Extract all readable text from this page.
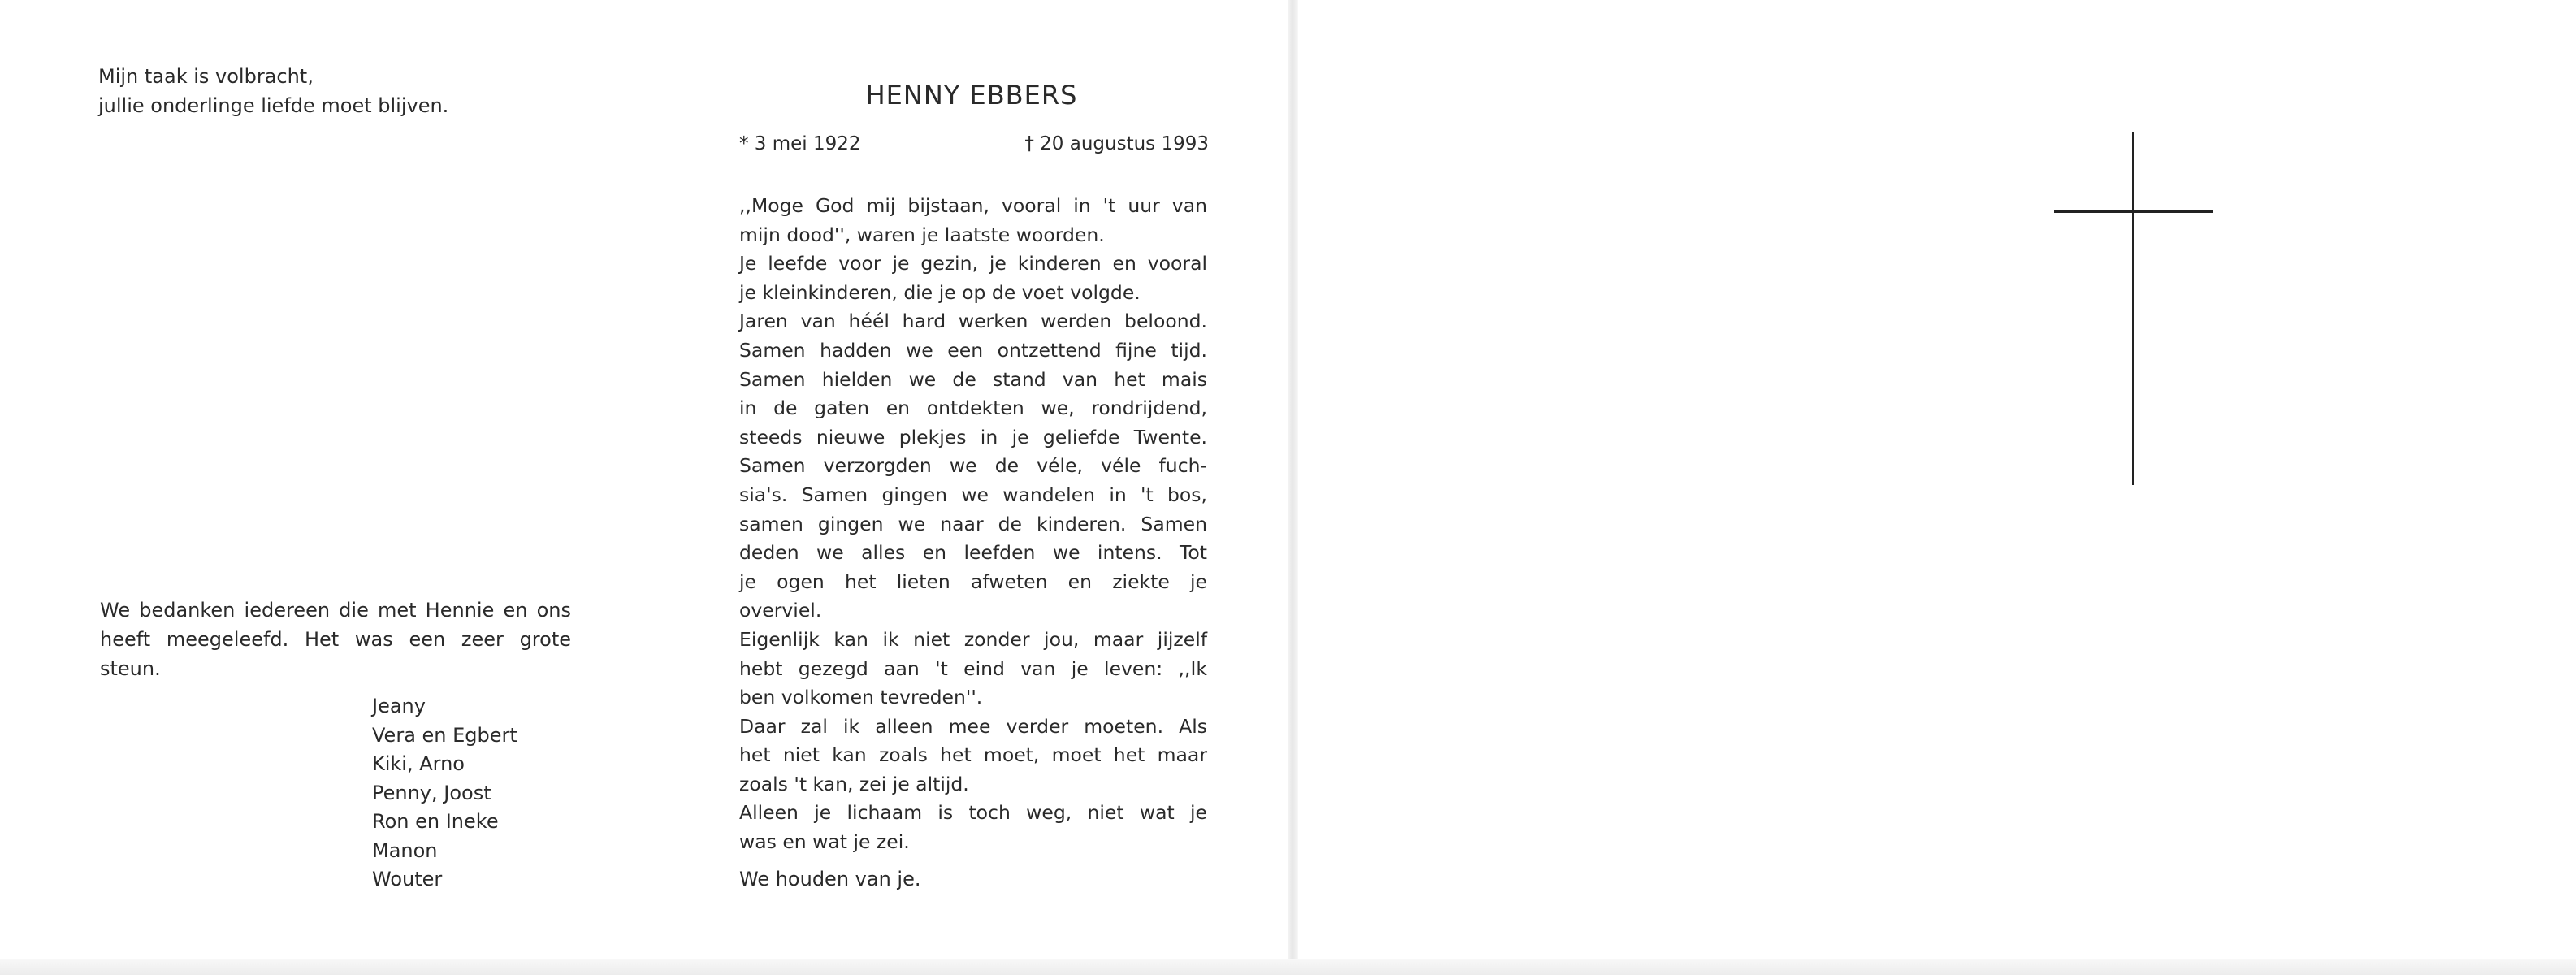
Mijn taak is volbracht,
jullie onderlinge liefde moet blijven.
We bedanken iedereen die met Hennie en ons
heeft meegeleefd. Het was een zeer grote
steun.
Jeany
Vera en Egbert
Kiki, Arno
Penny, Joost
Ron en Ineke
Manon
Wouter
HENNY EBBERS
* 3 mei 1922	† 20 augustus 1993
,,Moge God mij bijstaan, vooral in 't uur van
mijn dood'', waren je laatste woorden.
Je leefde voor je gezin, je kinderen en vooral
je kleinkinderen, die je op de voet volgde.
Jaren van héél hard werken werden beloond.
Samen hadden we een ontzettend fijne tijd.
Samen hielden we de stand van het mais
in de gaten en ontdekten we, rondrijdend,
steeds nieuwe plekjes in je geliefde Twente.
Samen verzorgden we de véle, véle fuch-
sia's. Samen gingen we wandelen in 't bos,
samen gingen we naar de kinderen. Samen
deden we alles en leefden we intens. Tot
je ogen het lieten afweten en ziekte je
overviel.
Eigenlijk kan ik niet zonder jou, maar jijzelf
hebt gezegd aan 't eind van je leven: ,,Ik
ben volkomen tevreden''.
Daar zal ik alleen mee verder moeten. Als
het niet kan zoals het moet, moet het maar
zoals 't kan, zei je altijd.
Alleen je lichaam is toch weg, niet wat je
was en wat je zei.
We houden van je.
